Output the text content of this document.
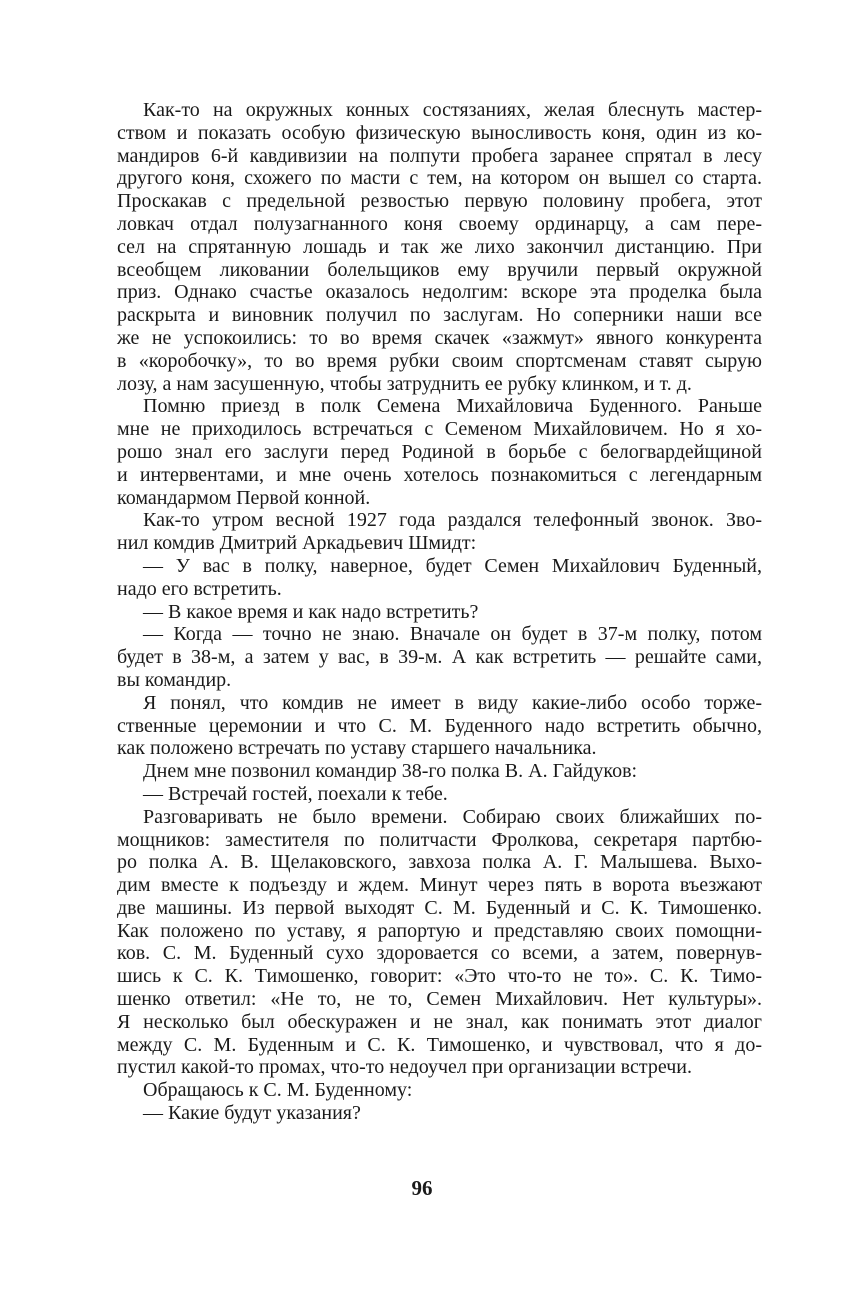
Как-то на окружных конных состязаниях, желая блеснуть мастер-
ством и показать особую физическую выносливость коня, один из ко-
мандиров 6-й кавдивизии на полпути пробега заранее спрятал в лесу
другого коня, схожего по масти с тем, на котором он вышел со старта.
Проскакав с предельной резвостью первую половину пробега, этот
ловкач отдал полузагнанного коня своему ординарцу, а сам пере-
сел на спрятанную лошадь и так же лихо закончил дистанцию. При
всеобщем ликовании болельщиков ему вручили первый окружной
приз. Однако счастье оказалось недолгим: вскоре эта проделка была
раскрыта и виновник получил по заслугам. Но соперники наши все
же не успокоились: то во время скачек «зажмут» явного конкурента
в «коробочку», то во время рубки своим спортсменам ставят сырую
лозу, а нам засушенную, чтобы затруднить ее рубку клинком, и т. д.
Помню приезд в полк Семена Михайловича Буденного. Раньше
мне не приходилось встречаться с Семеном Михайловичем. Но я хо-
рошо знал его заслуги перед Родиной в борьбе с белогвардейщиной
и интервентами, и мне очень хотелось познакомиться с легендарным
командармом Первой конной.
Как-то утром весной 1927 года раздался телефонный звонок. Зво-
нил комдив Дмитрий Аркадьевич Шмидт:
— У вас в полку, наверное, будет Семен Михайлович Буденный,
надо его встретить.
— В какое время и как надо встретить?
— Когда — точно не знаю. Вначале он будет в 37-м полку, потом
будет в 38-м, а затем у вас, в 39-м. А как встретить — решайте сами,
вы командир.
Я понял, что комдив не имеет в виду какие-либо особо торже-
ственные церемонии и что С. М. Буденного надо встретить обычно,
как положено встречать по уставу старшего начальника.
Днем мне позвонил командир 38-го полка В. А. Гайдуков:
— Встречай гостей, поехали к тебе.
Разговаривать не было времени. Собираю своих ближайших по-
мощников: заместителя по политчасти Фролкова, секретаря партбю-
ро полка А. В. Щелаковского, завхоза полка А. Г. Малышева. Выхо-
дим вместе к подъезду и ждем. Минут через пять в ворота въезжают
две машины. Из первой выходят С. М. Буденный и С. К. Тимошенко.
Как положено по уставу, я рапортую и представляю своих помощни-
ков. С. М. Буденный сухо здоровается со всеми, а затем, повернув-
шись к С. К. Тимошенко, говорит: «Это что-то не то». С. К. Тимо-
шенко ответил: «Не то, не то, Семен Михайлович. Нет культуры».
Я несколько был обескуражен и не знал, как понимать этот диалог
между С. М. Буденным и С. К. Тимошенко, и чувствовал, что я до-
пустил какой-то промах, что-то недоучел при организации встречи.
Обращаюсь к С. М. Буденному:
— Какие будут указания?
96
